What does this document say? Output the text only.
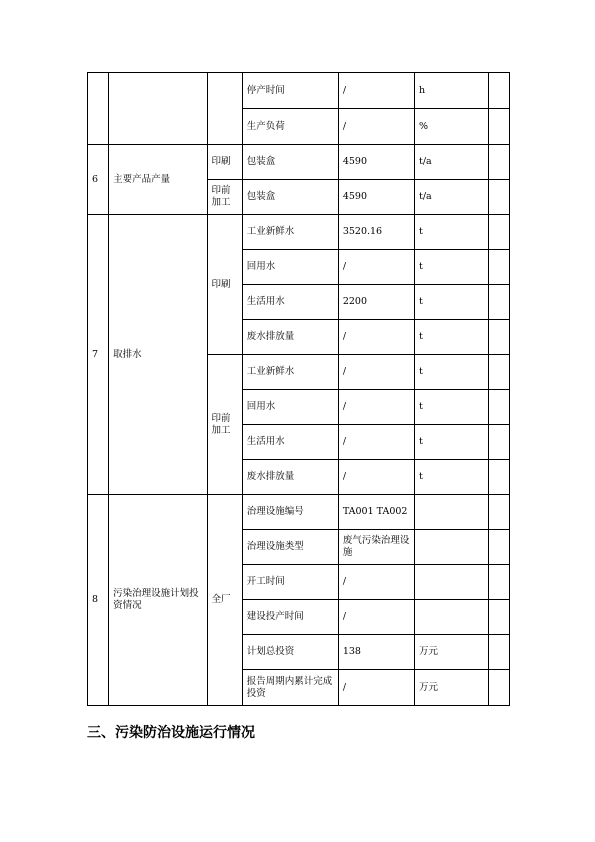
			停产时间	/	h	
			生产负荷	/	%	
6	主要产品产量	印刷	包装盒	4590	t/a	
		印前加工	包装盒	4590	t/a	
7	取排水	印刷	工业新鲜水	3520.16	t	
			回用水	/	t	
			生活用水	2200	t	
			废水排放量	/	t	
		印前加工	工业新鲜水	/	t	
			回用水	/	t	
			生活用水	/	t	
			废水排放量	/	t	
8	污染治理设施计划投资情况	全厂	治理设施编号	TA001 TA002		
			治理设施类型	废气污染治理设施		
			开工时间	/		
			建设投产时间	/		
			计划总投资	138	万元	
			报告周期内累计完成投资	/	万元	
三、污染防治设施运行情况
